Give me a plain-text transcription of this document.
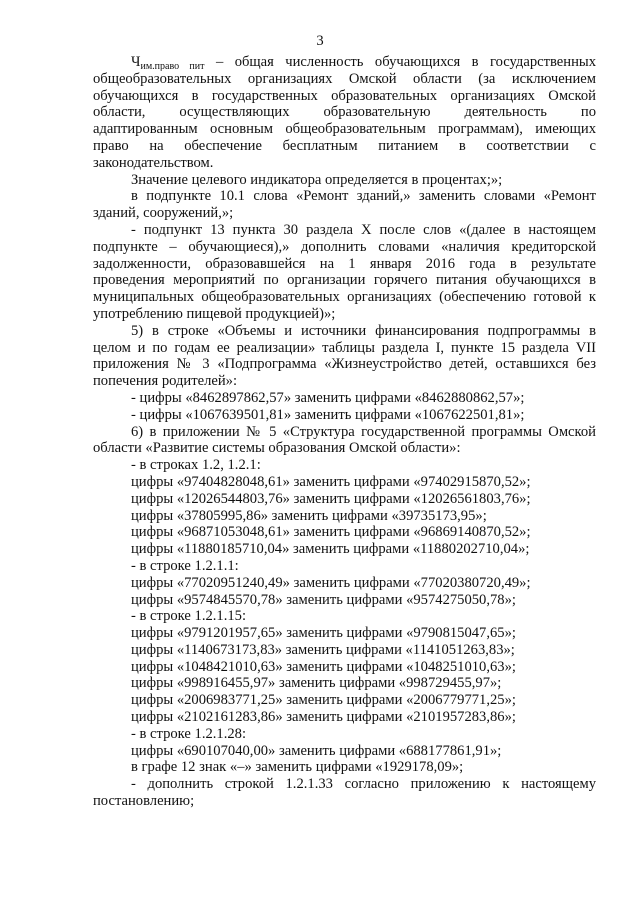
3
$Ч_{им.право пит}$ – общая численность обучающихся в государственных
общеобразовательных организациях Омской области (за исключением
обучающихся в государственных образовательных организациях Омской
области, осуществляющих образовательную деятельность по
адаптированным основным общеобразовательным программам), имеющих
право на обеспечение бесплатным питанием в соответствии с
законодательством.
Значение целевого индикатора определяется в процентах;»;
в подпункте 10.1 слова «Ремонт зданий,» заменить словами «Ремонт
зданий, сооружений,»;
- подпункт 13 пункта 30 раздела X после слов «(далее в настоящем
подпункте – обучающиеся),» дополнить словами «наличия кредиторской
задолженности, образовавшейся на 1 января 2016 года в результате
проведения мероприятий по организации горячего питания обучающихся в
муниципальных общеобразовательных организациях (обеспечению готовой к
употреблению пищевой продукцией)»;
5) в строке «Объемы и источники финансирования подпрограммы в
целом и по годам ее реализации» таблицы раздела I, пункте 15 раздела VII
приложения № 3 «Подпрограмма «Жизнеустройство детей, оставшихся без
попечения родителей»:
- цифры «8462897862,57» заменить цифрами «8462880862,57»;
- цифры «1067639501,81» заменить цифрами «1067622501,81»;
6) в приложении № 5 «Структура государственной программы Омской
области «Развитие системы образования Омской области»:
- в строках 1.2, 1.2.1:
цифры «97404828048,61» заменить цифрами «97402915870,52»;
цифры «12026544803,76» заменить цифрами «12026561803,76»;
цифры «37805995,86» заменить цифрами «39735173,95»;
цифры «96871053048,61» заменить цифрами «96869140870,52»;
цифры «11880185710,04» заменить цифрами «11880202710,04»;
- в строке 1.2.1.1:
цифры «77020951240,49» заменить цифрами «77020380720,49»;
цифры «9574845570,78» заменить цифрами «9574275050,78»;
- в строке 1.2.1.15:
цифры «9791201957,65» заменить цифрами «9790815047,65»;
цифры «1140673173,83» заменить цифрами «1141051263,83»;
цифры «1048421010,63» заменить цифрами «1048251010,63»;
цифры «998916455,97» заменить цифрами «998729455,97»;
цифры «2006983771,25» заменить цифрами «2006779771,25»;
цифры «2102161283,86» заменить цифрами «2101957283,86»;
- в строке 1.2.1.28:
цифры «690107040,00» заменить цифрами «688177861,91»;
в графе 12 знак «–» заменить цифрами «1929178,09»;
- дополнить строкой 1.2.1.33 согласно приложению к настоящему
постановлению;
